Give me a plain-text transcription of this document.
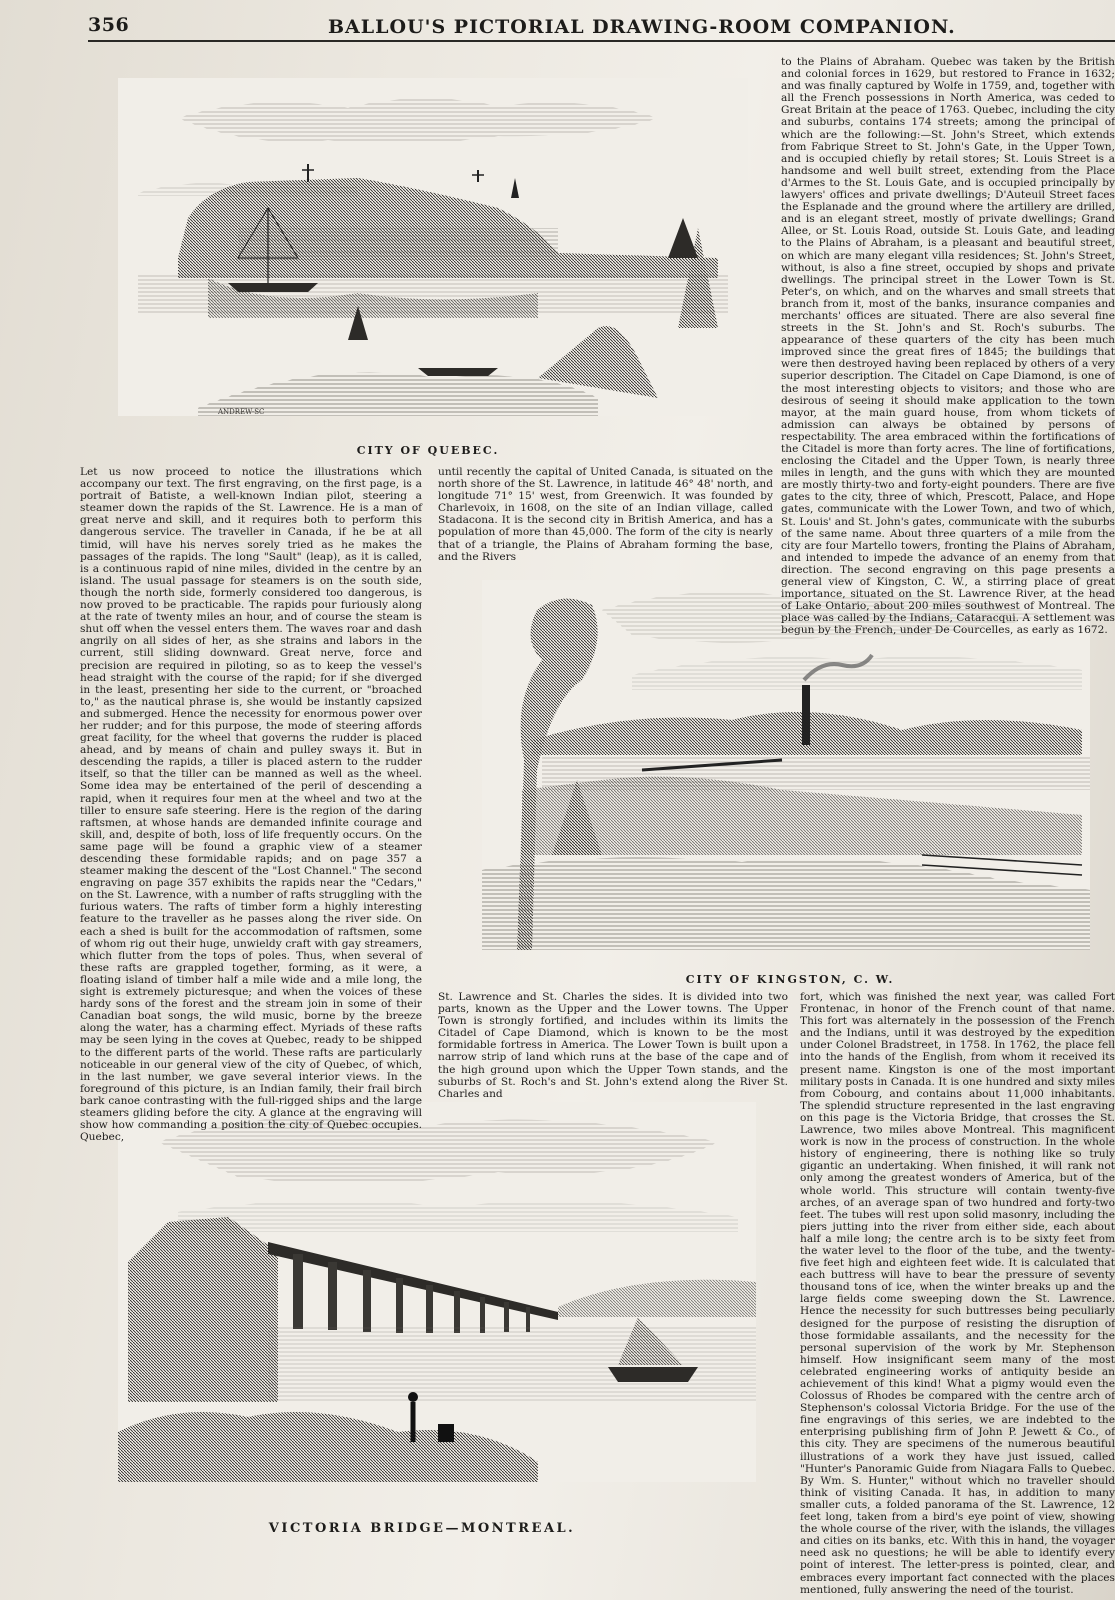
356	BALLOU'S PICTORIAL DRAWING-ROOM COMPANION.
ANDREW-SC
CITY OF QUEBEC.
CITY OF KINGSTON, C. W.
VICTORIA BRIDGE—MONTREAL.

Let us now proceed to notice the illustrations which accompany our text. The first engraving, on the first page, is a portrait of Batiste, a well-known Indian pilot, steering a steamer down the rapids of the St. Lawrence. He is a man of great nerve and skill, and it requires both to perform this dangerous service. The traveller in Canada, if he be at all timid, will have his nerves sorely tried as he makes the passages of the rapids. The long "Sault" (leap), as it is called, is a continuous rapid of nine miles, divided in the centre by an island. The usual passage for steamers is on the south side, though the north side, formerly considered too dangerous, is now proved to be practicable. The rapids pour furiously along at the rate of twenty miles an hour, and of course the steam is shut off when the vessel enters them. The waves roar and dash angrily on all sides of her, as she strains and labors in the current, still sliding downward. Great nerve, force and precision are required in piloting, so as to keep the vessel's head straight with the course of the rapid; for if she diverged in the least, presenting her side to the current, or "broached to," as the nautical phrase is, she would be instantly capsized and submerged. Hence the necessity for enormous power over her rudder; and for this purpose, the mode of steering affords great facility, for the wheel that governs the rudder is placed ahead, and by means of chain and pulley sways it. But in descending the rapids, a tiller is placed astern to the rudder itself, so that the tiller can be manned as well as the wheel. Some idea may be entertained of the peril of descending a rapid, when it requires four men at the wheel and two at the tiller to ensure safe steering. Here is the region of the daring raftsmen, at whose hands are demanded infinite courage and skill, and, despite of both, loss of life frequently occurs. On the same page will be found a graphic view of a steamer descending these formidable rapids; and on page 357 a steamer making the descent of the "Lost Channel." The second engraving on page 357 exhibits the rapids near the "Cedars," on the St. Lawrence, with a number of rafts struggling with the furious waters. The rafts of timber form a highly interesting feature to the traveller as he passes along the river side. On each a shed is built for the accommodation of raftsmen, some of whom rig out their huge, unwieldy craft with gay streamers, which flutter from the tops of poles. Thus, when several of these rafts are grappled together, forming, as it were, a floating island of timber half a mile wide and a mile long, the sight is extremely picturesque; and when the voices of these hardy sons of the forest and the stream join in some of their Canadian boat songs, the wild music, borne by the breeze along the water, has a charming effect. Myriads of these rafts may be seen lying in the coves at Quebec, ready to be shipped to the different parts of the world. These rafts are particularly noticeable in our general view of the city of Quebec, of which, in the last number, we gave several interior views. In the foreground of this picture, is an Indian family, their frail birch bark canoe contrasting with the full-rigged ships and the large steamers gliding before the city. A glance at the engraving will show how commanding a position the city of Quebec occupies. Quebec,

until recently the capital of United Canada, is situated on the north shore of the St. Lawrence, in latitude 46° 48' north, and longitude 71° 15' west, from Greenwich. It was founded by Charlevoix, in 1608, on the site of an Indian village, called Stadacona. It is the second city in British America, and has a population of more than 45,000. The form of the city is nearly that of a triangle, the Plains of Abraham forming the base, and the Rivers

St. Lawrence and St. Charles the sides. It is divided into two parts, known as the Upper and the Lower towns. The Upper Town is strongly fortified, and includes within its limits the Citadel of Cape Diamond, which is known to be the most formidable fortress in America. The Lower Town is built upon a narrow strip of land which runs at the base of the cape and of the high ground upon which the Upper Town stands, and the suburbs of St. Roch's and St. John's extend along the River St. Charles and

to the Plains of Abraham. Quebec was taken by the British and colonial forces in 1629, but restored to France in 1632; and was finally captured by Wolfe in 1759, and, together with all the French possessions in North America, was ceded to Great Britain at the peace of 1763. Quebec, including the city and suburbs, contains 174 streets; among the principal of which are the following:—St. John's Street, which extends from Fabrique Street to St. John's Gate, in the Upper Town, and is occupied chiefly by retail stores; St. Louis Street is a handsome and well built street, extending from the Place d'Armes to the St. Louis Gate, and is occupied principally by lawyers' offices and private dwellings; D'Auteuil Street faces the Esplanade and the ground where the artillery are drilled, and is an elegant street, mostly of private dwellings; Grand Allee, or St. Louis Road, outside St. Louis Gate, and leading to the Plains of Abraham, is a pleasant and beautiful street, on which are many elegant villa residences; St. John's Street, without, is also a fine street, occupied by shops and private dwellings. The principal street in the Lower Town is St. Peter's, on which, and on the wharves and small streets that branch from it, most of the banks, insurance companies and merchants' offices are situated. There are also several fine streets in the St. John's and St. Roch's suburbs. The appearance of these quarters of the city has been much improved since the great fires of 1845; the buildings that were then destroyed having been replaced by others of a very superior description. The Citadel on Cape Diamond, is one of the most interesting objects to visitors; and those who are desirous of seeing it should make application to the town mayor, at the main guard house, from whom tickets of admission can always be obtained by persons of respectability. The area embraced within the fortifications of the Citadel is more than forty acres. The line of fortifications, enclosing the Citadel and the Upper Town, is nearly three miles in length, and the guns with which they are mounted are mostly thirty-two and forty-eight pounders. There are five gates to the city, three of which, Prescott, Palace, and Hope gates, communicate with the Lower Town, and two of which, St. Louis' and St. John's gates, communicate with the suburbs of the same name. About three quarters of a mile from the city are four Martello towers, fronting the Plains of Abraham, and intended to impede the advance of an enemy from that direction. The second engraving on this page presents a general view of Kingston, C. W., a stirring place of great importance, situated on the St. Lawrence River, at the head of Lake Ontario, about 200 miles southwest of Montreal. The place was called by the Indians, Cataracqui. A settlement was begun by the French, under De Courcelles, as early as 1672.

fort, which was finished the next year, was called Fort Frontenac, in honor of the French count of that name. This fort was alternately in the possession of the French and the Indians, until it was destroyed by the expedition under Colonel Bradstreet, in 1758. In 1762, the place fell into the hands of the English, from whom it received its present name. Kingston is one of the most important military posts in Canada. It is one hundred and sixty miles from Cobourg, and contains about 11,000 inhabitants. The splendid structure represented in the last engraving on this page is the Victoria Bridge, that crosses the St. Lawrence, two miles above Montreal. This magnificent work is now in the process of construction. In the whole history of engineering, there is nothing like so truly gigantic an undertaking. When finished, it will rank not only among the greatest wonders of America, but of the whole world. This structure will contain twenty-five arches, of an average span of two hundred and forty-two feet. The tubes will rest upon solid masonry, including the piers jutting into the river from either side, each about half a mile long; the centre arch is to be sixty feet from the water level to the floor of the tube, and the twenty-five feet high and eighteen feet wide. It is calculated that each buttress will have to bear the pressure of seventy thousand tons of ice, when the winter breaks up and the large fields come sweeping down the St. Lawrence. Hence the necessity for such buttresses being peculiarly designed for the purpose of resisting the disruption of those formidable assailants, and the necessity for the personal supervision of the work by Mr. Stephenson himself. How insignificant seem many of the most celebrated engineering works of antiquity beside an achievement of this kind! What a pigmy would even the Colossus of Rhodes be compared with the centre arch of Stephenson's colossal Victoria Bridge. For the use of the fine engravings of this series, we are indebted to the enterprising publishing firm of John P. Jewett & Co., of this city. They are specimens of the numerous beautiful illustrations of a work they have just issued, called "Hunter's Panoramic Guide from Niagara Falls to Quebec. By Wm. S. Hunter," without which no traveller should think of visiting Canada. It has, in addition to many smaller cuts, a folded panorama of the St. Lawrence, 12 feet long, taken from a bird's eye point of view, showing the whole course of the river, with the islands, the villages and cities on its banks, etc. With this in hand, the voyager need ask no questions; he will be able to identify every point of interest. The letter-press is pointed, clear, and embraces every important fact connected with the places mentioned, fully answering the need of the tourist.
